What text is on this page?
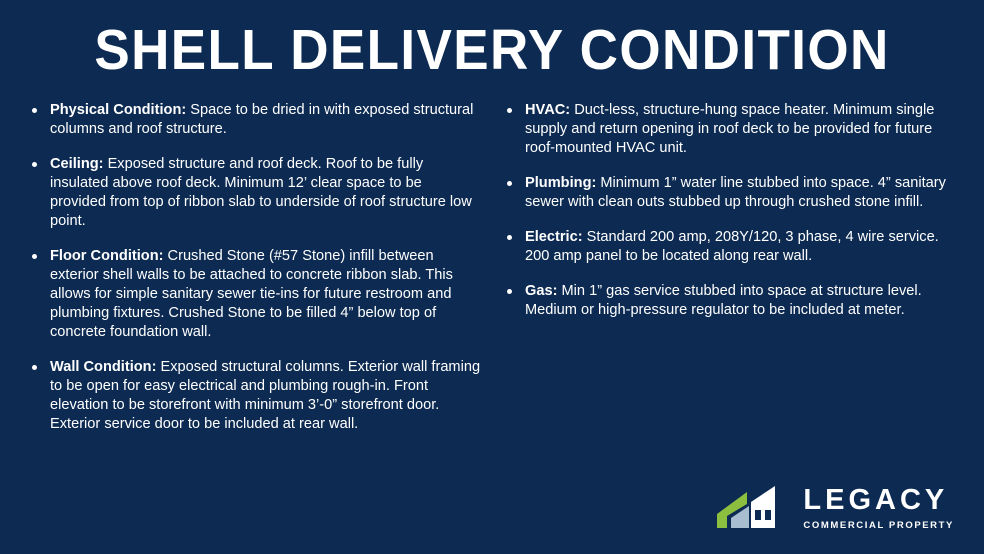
SHELL DELIVERY CONDITION
Physical Condition: Space to be dried in with exposed structural columns and roof structure.
Ceiling: Exposed structure and roof deck. Roof to be fully insulated above roof deck. Minimum 12’ clear space to be provided from top of ribbon slab to underside of roof structure low point.
Floor Condition: Crushed Stone (#57 Stone) infill between exterior shell walls to be attached to concrete ribbon slab. This allows for simple sanitary sewer tie-ins for future restroom and plumbing fixtures. Crushed Stone to be filled 4” below top of concrete foundation wall.
Wall Condition: Exposed structural columns. Exterior wall framing to be open for easy electrical and plumbing rough-in. Front elevation to be storefront with minimum 3’-0” storefront door. Exterior service door to be included at rear wall.
HVAC: Duct-less, structure-hung space heater. Minimum single supply and return opening in roof deck to be provided for future roof-mounted HVAC unit.
Plumbing: Minimum 1” water line stubbed into space. 4” sanitary sewer with clean outs stubbed up through crushed stone infill.
Electric: Standard 200 amp, 208Y/120, 3 phase, 4 wire service. 200 amp panel to be located along rear wall.
Gas: Min 1” gas service stubbed into space at structure level. Medium or high-pressure regulator to be included at meter.
LEGACY
COMMERCIAL PROPERTY
